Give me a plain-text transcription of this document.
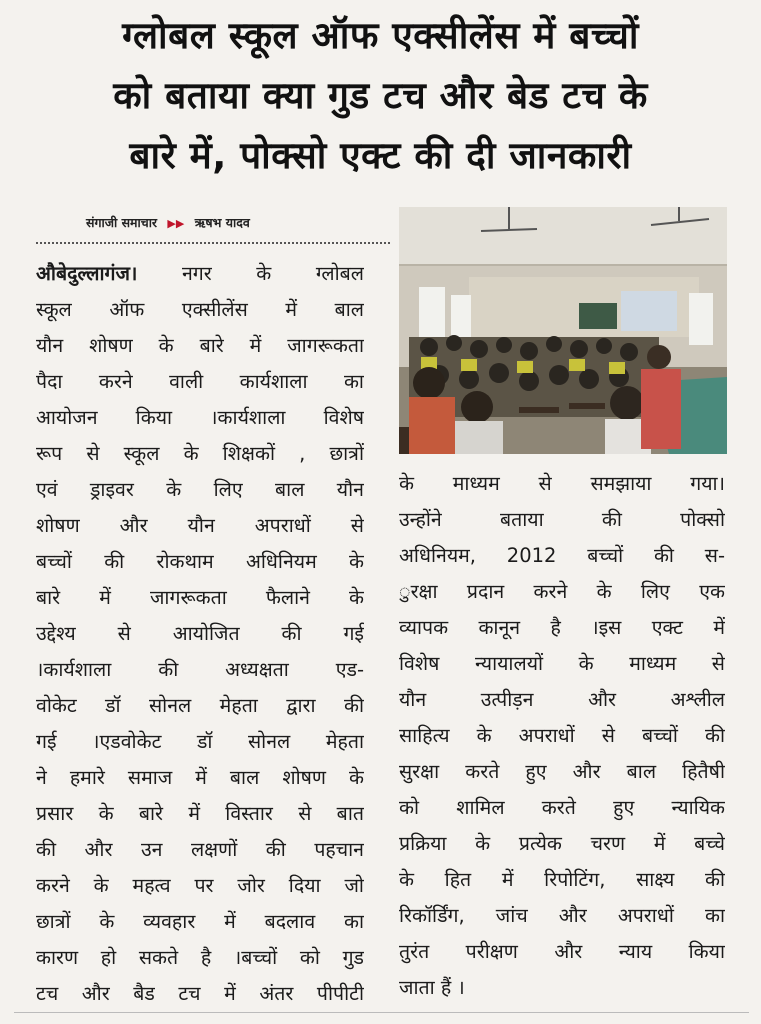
ग्लोबल स्कूल ऑफ एक्सीलेंस में बच्चों
को बताया क्या गुड टच और बेड टच के
बारे में, पोक्सो एक्ट की दी जानकारी
संगाजी समाचार ▶▶ ऋषभ यादव
औबेदुल्लागंज। नगर के ग्लोबल
स्कूल ऑफ एक्सीलेंस में बाल
यौन शोषण के बारे में जागरूकता
पैदा करने वाली कार्यशाला का
आयोजन किया ।कार्यशाला विशेष
रूप से स्कूल के शिक्षकों , छात्रों
एवं ड्राइवर के लिए बाल यौन
शोषण और यौन अपराधों से
बच्चों की रोकथाम अधिनियम के
बारे में जागरूकता फैलाने के
उद्देश्य से आयोजित की गई
।कार्यशाला की अध्यक्षता एड-
वोकेट डॉ सोनल मेहता द्वारा की
गई ।एडवोकेट डॉ सोनल मेहता
ने हमारे समाज में बाल शोषण के
प्रसार के बारे में विस्तार से बात
की और उन लक्षणों की पहचान
करने के महत्व पर जोर दिया जो
छात्रों के व्यवहार में बदलाव का
कारण हो सकते है ।बच्चों को गुड
टच और बैड टच में अंतर पीपीटी
के माध्यम से समझाया गया।
उन्होंने बताया की पोक्सो
अधिनियम, 2012 बच्चों की स-
ुरक्षा प्रदान करने के लिए एक
व्यापक कानून है ।इस एक्ट में
विशेष न्यायालयों के माध्यम से
यौन उत्पीड़न और अश्लील
साहित्य के अपराधों से बच्चों की
सुरक्षा करते हुए और बाल हितैषी
को शामिल करते हुए न्यायिक
प्रक्रिया के प्रत्येक चरण में बच्चे
के हित में रिपोटिंग, साक्ष्य की
रिकॉर्डिंग, जांच और अपराधों का
तुरंत परीक्षण और न्याय किया
जाता हैं ।
